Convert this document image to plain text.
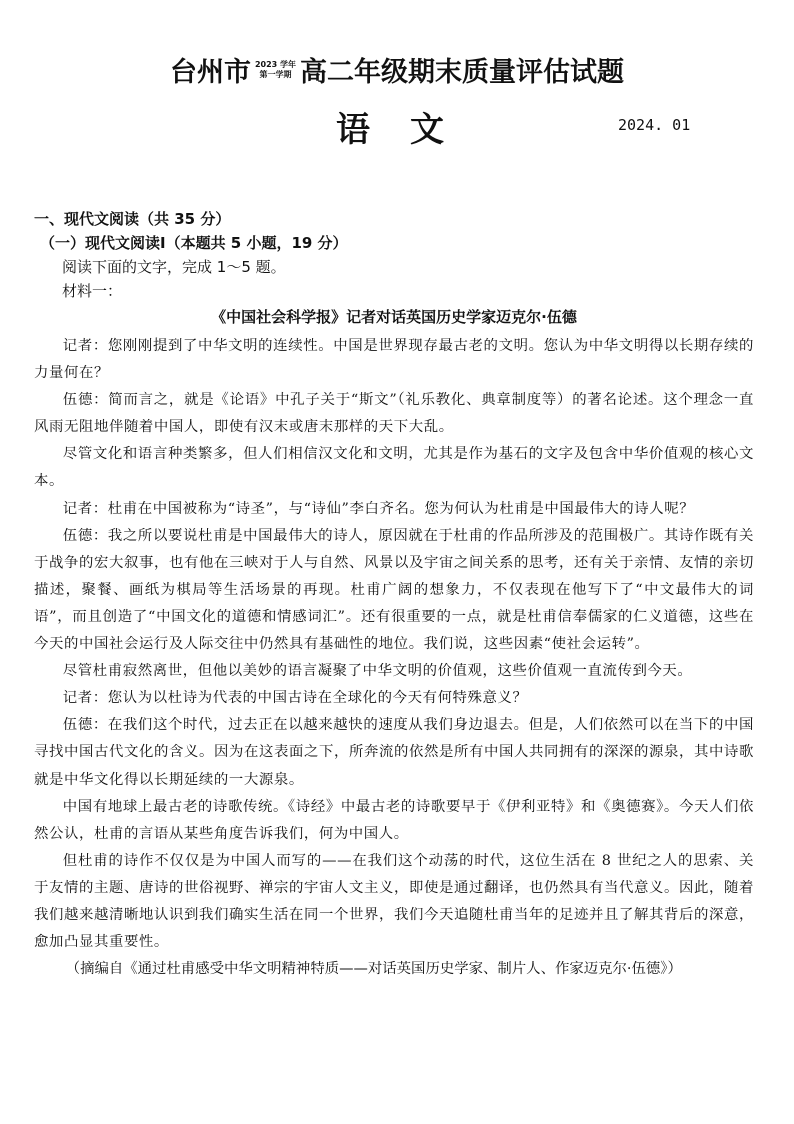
台州市 2023 学年
第一学期 高二年级期末质量评估试题
语文	2024. 01

一、现代文阅读（共 35 分）

（一）现代文阅读Ⅰ（本题共 5 小题，19 分）

阅读下面的文字，完成 1～5 题。

材料一：

《中国社会科学报》记者对话英国历史学家迈克尔·伍德

记者：您刚刚提到了中华文明的连续性。中国是世界现存最古老的文明。您认为中华文明得以长期存续的力量何在？

伍德：简而言之，就是《论语》中孔子关于“斯文”（礼乐教化、典章制度等）的著名论述。这个理念一直风雨无阻地伴随着中国人，即使有汉末或唐末那样的天下大乱。

尽管文化和语言种类繁多，但人们相信汉文化和文明，尤其是作为基石的文字及包含中华价值观的核心文本。

记者：杜甫在中国被称为“诗圣”，与“诗仙”李白齐名。您为何认为杜甫是中国最伟大的诗人呢？

伍德：我之所以要说杜甫是中国最伟大的诗人，原因就在于杜甫的作品所涉及的范围极广。其诗作既有关于战争的宏大叙事，也有他在三峡对于人与自然、风景以及宇宙之间关系的思考，还有关于亲情、友情的亲切描述，聚餐、画纸为棋局等生活场景的再现。杜甫广阔的想象力，不仅表现在他写下了“中文最伟大的词语”，而且创造了“中国文化的道德和情感词汇”。还有很重要的一点，就是杜甫信奉儒家的仁义道德，这些在今天的中国社会运行及人际交往中仍然具有基础性的地位。我们说，这些因素“使社会运转”。

尽管杜甫寂然离世，但他以美妙的语言凝聚了中华文明的价值观，这些价值观一直流传到今天。

记者：您认为以杜诗为代表的中国古诗在全球化的今天有何特殊意义？

伍德：在我们这个时代，过去正在以越来越快的速度从我们身边退去。但是，人们依然可以在当下的中国寻找中国古代文化的含义。因为在这表面之下，所奔流的依然是所有中国人共同拥有的深深的源泉，其中诗歌就是中华文化得以长期延续的一大源泉。

中国有地球上最古老的诗歌传统。《诗经》中最古老的诗歌要早于《伊利亚特》和《奥德赛》。今天人们依然公认，杜甫的言语从某些角度告诉我们，何为中国人。

但杜甫的诗作不仅仅是为中国人而写的——在我们这个动荡的时代，这位生活在 8 世纪之人的思索、关于友情的主题、唐诗的世俗视野、禅宗的宇宙人文主义，即使是通过翻译，也仍然具有当代意义。因此，随着我们越来越清晰地认识到我们确实生活在同一个世界，我们今天追随杜甫当年的足迹并且了解其背后的深意，愈加凸显其重要性。

（摘编自《通过杜甫感受中华文明精神特质——对话英国历史学家、制片人、作家迈克尔·伍德》）
